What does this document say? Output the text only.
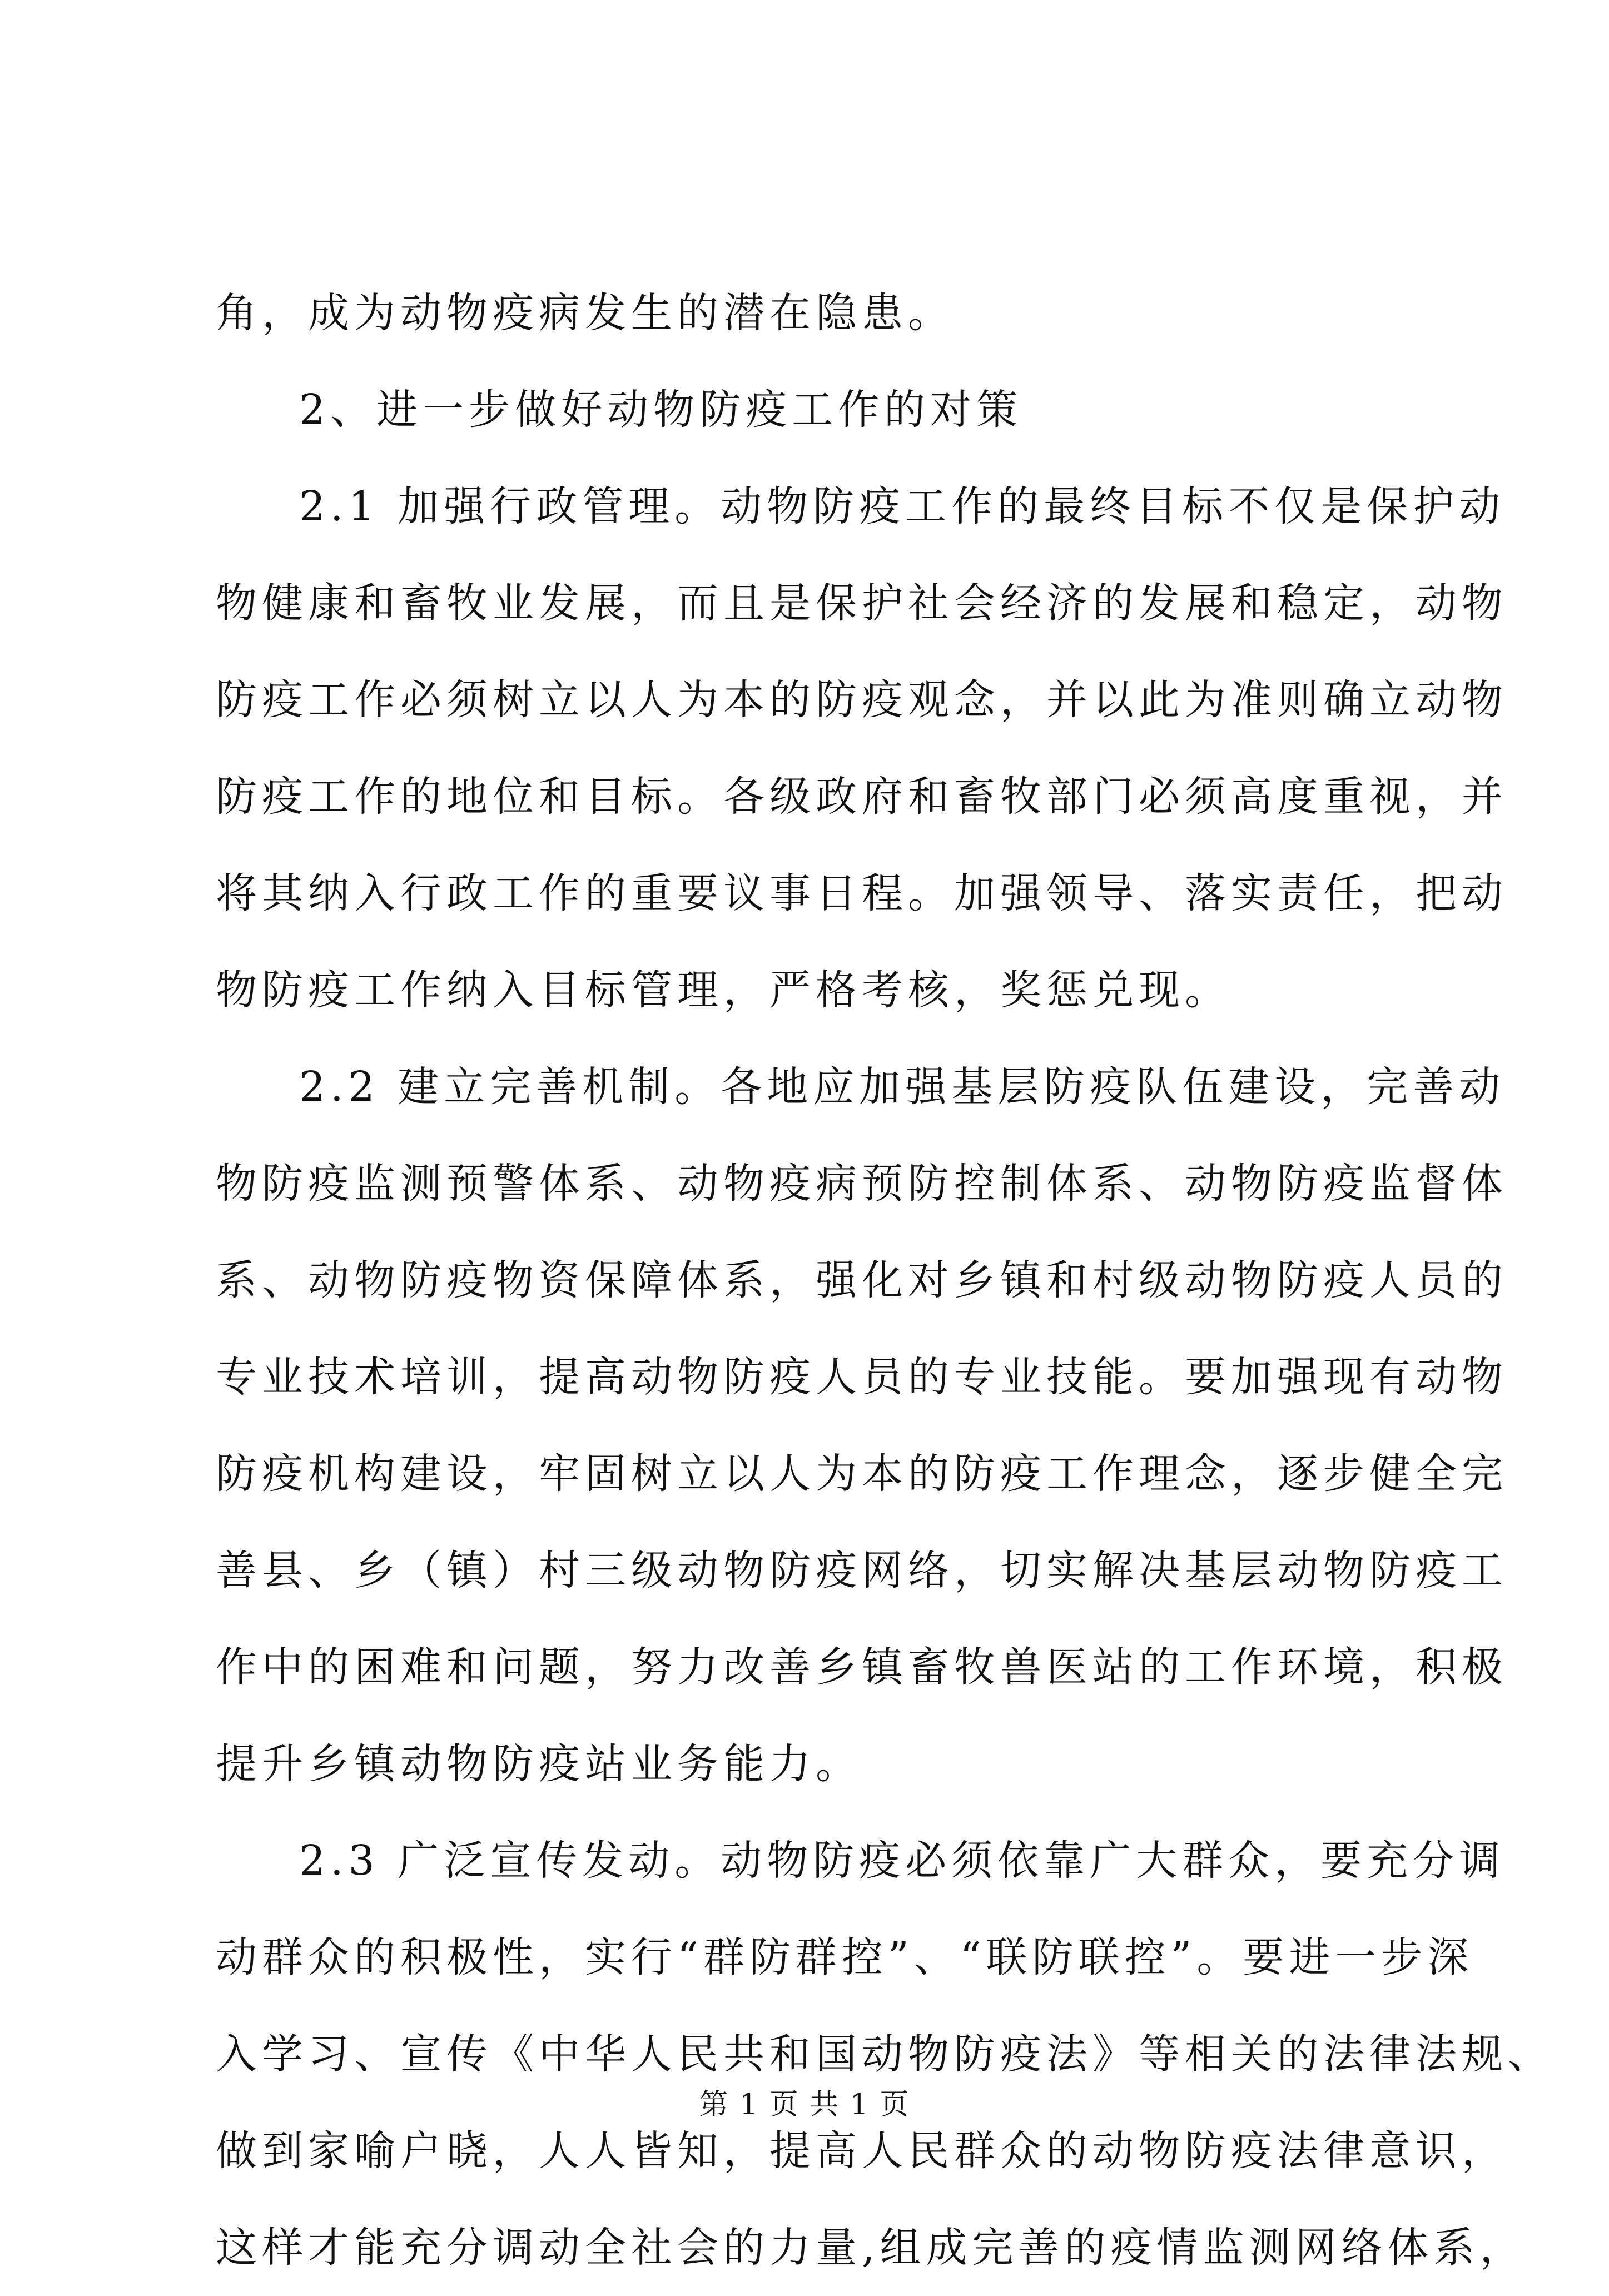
角，成为动物疫病发生的潜在隐患。
2、进一步做好动物防疫工作的对策
2.1 加强行政管理。动物防疫工作的最终目标不仅是保护动
物健康和畜牧业发展，而且是保护社会经济的发展和稳定，动物
防疫工作必须树立以人为本的防疫观念，并以此为准则确立动物
防疫工作的地位和目标。各级政府和畜牧部门必须高度重视，并
将其纳入行政工作的重要议事日程。加强领导、落实责任，把动
物防疫工作纳入目标管理，严格考核，奖惩兑现。
2.2 建立完善机制。各地应加强基层防疫队伍建设，完善动
物防疫监测预警体系、动物疫病预防控制体系、动物防疫监督体
系、动物防疫物资保障体系，强化对乡镇和村级动物防疫人员的
专业技术培训，提高动物防疫人员的专业技能。要加强现有动物
防疫机构建设，牢固树立以人为本的防疫工作理念，逐步健全完
善县、乡（镇）村三级动物防疫网络，切实解决基层动物防疫工
作中的困难和问题，努力改善乡镇畜牧兽医站的工作环境，积极
提升乡镇动物防疫站业务能力。
2.3 广泛宣传发动。动物防疫必须依靠广大群众，要充分调
动群众的积极性，实行“群防群控”、“联防联控”。要进一步深
入学习、宣传《中华人民共和国动物防疫法》等相关的法律法规、
做到家喻户晓，人人皆知，提高人民群众的动物防疫法律意识，
这样才能充分调动全社会的力量,组成完善的疫情监测网络体系，
第 1 页 共 1 页
